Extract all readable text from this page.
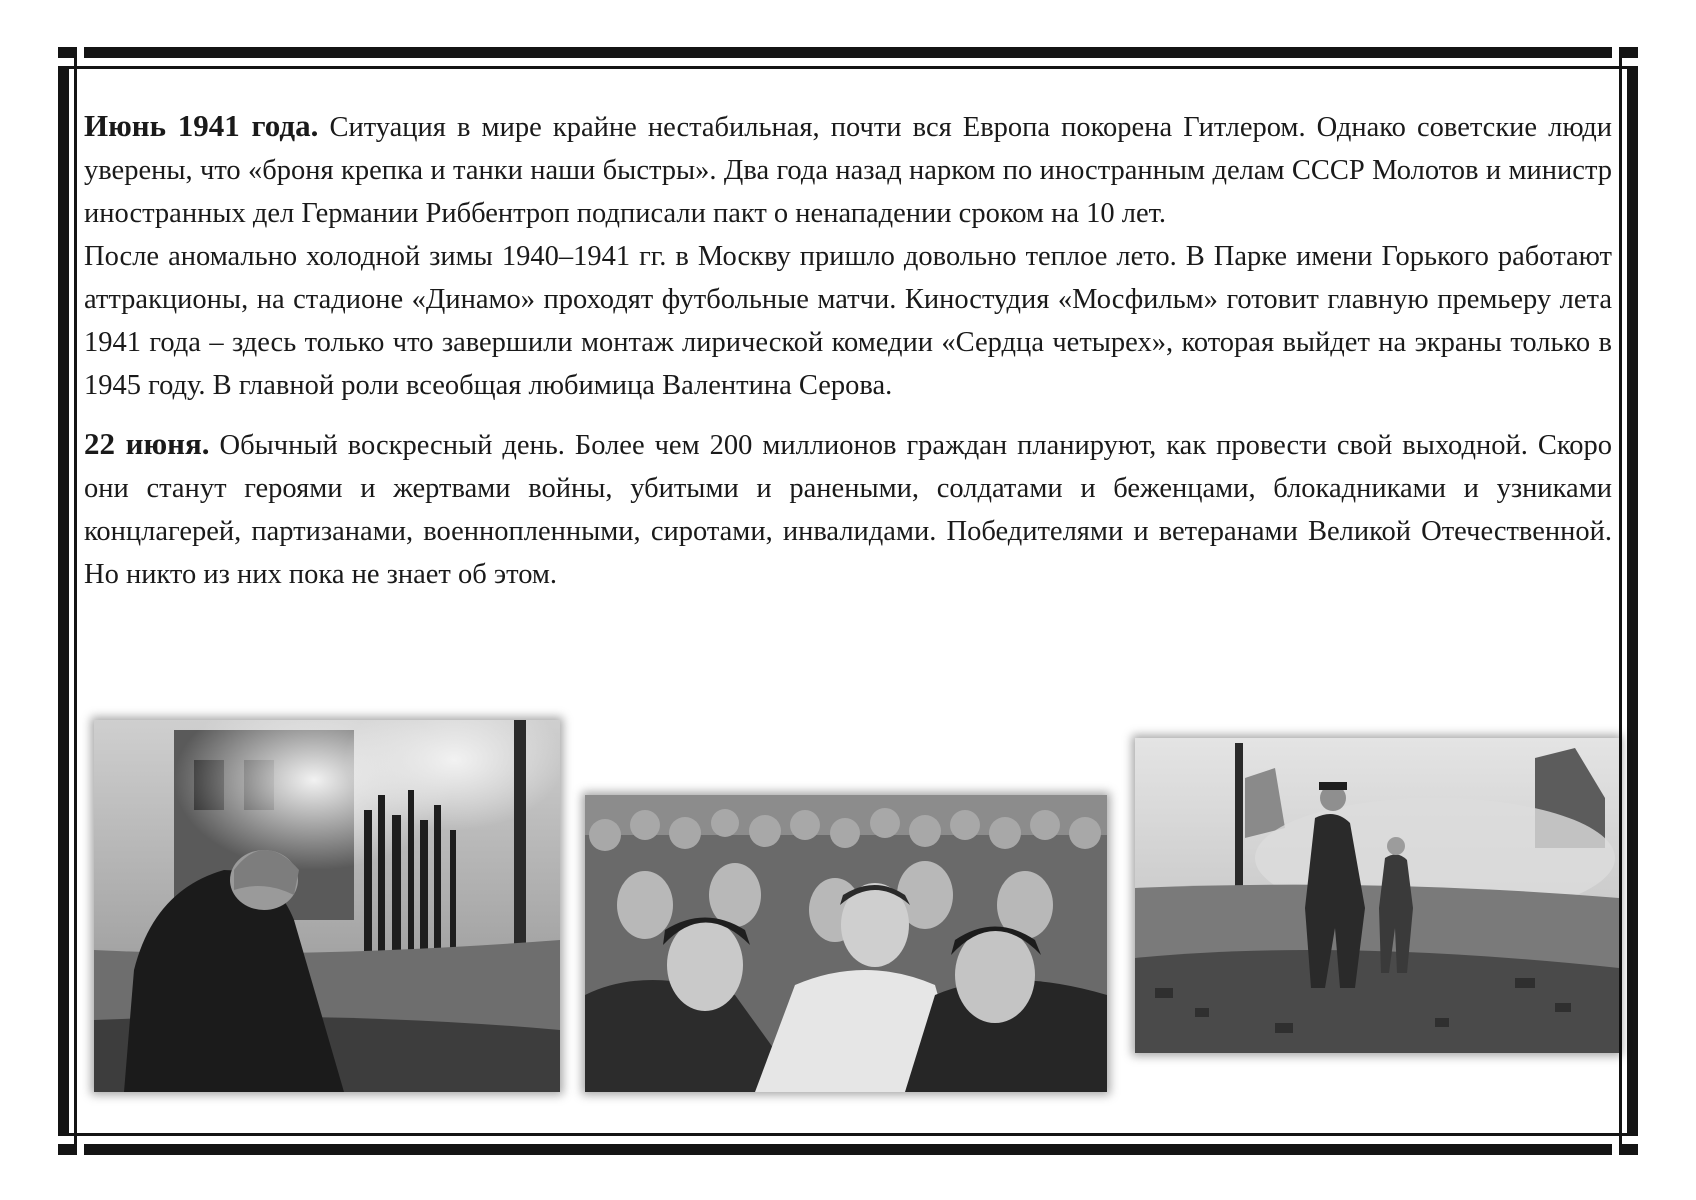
Июнь 1941 года. Ситуация в мире крайне нестабильная, почти вся Европа покорена Гитлером. Однако советские люди уверены, что «броня крепка и танки наши быстры». Два года назад нарком по иностранным делам СССР Молотов и министр иностранных дел Германии Риббентроп подписали пакт о ненападении сроком на 10 лет.

После аномально холодной зимы 1940–1941 гг. в Москву пришло довольно теплое лето. В Парке имени Горького работают аттракционы, на стадионе «Динамо» проходят футбольные матчи. Киностудия «Мосфильм» готовит главную премьеру лета 1941 года – здесь только что завершили монтаж лирической комедии «Сердца четырех», которая выйдет на экраны только в 1945 году. В главной роли всеобщая любимица Валентина Серова.

22 июня. Обычный воскресный день. Более чем 200 миллионов граждан планируют, как провести свой выходной. Скоро они станут героями и жертвами войны, убитыми и ранеными, солдатами и беженцами, блокадниками и узниками концлагерей, партизанами, военнопленными, сиротами, инвалидами. Победителями и ветеранами Великой Отечественной. Но никто из них пока не знает об этом.
